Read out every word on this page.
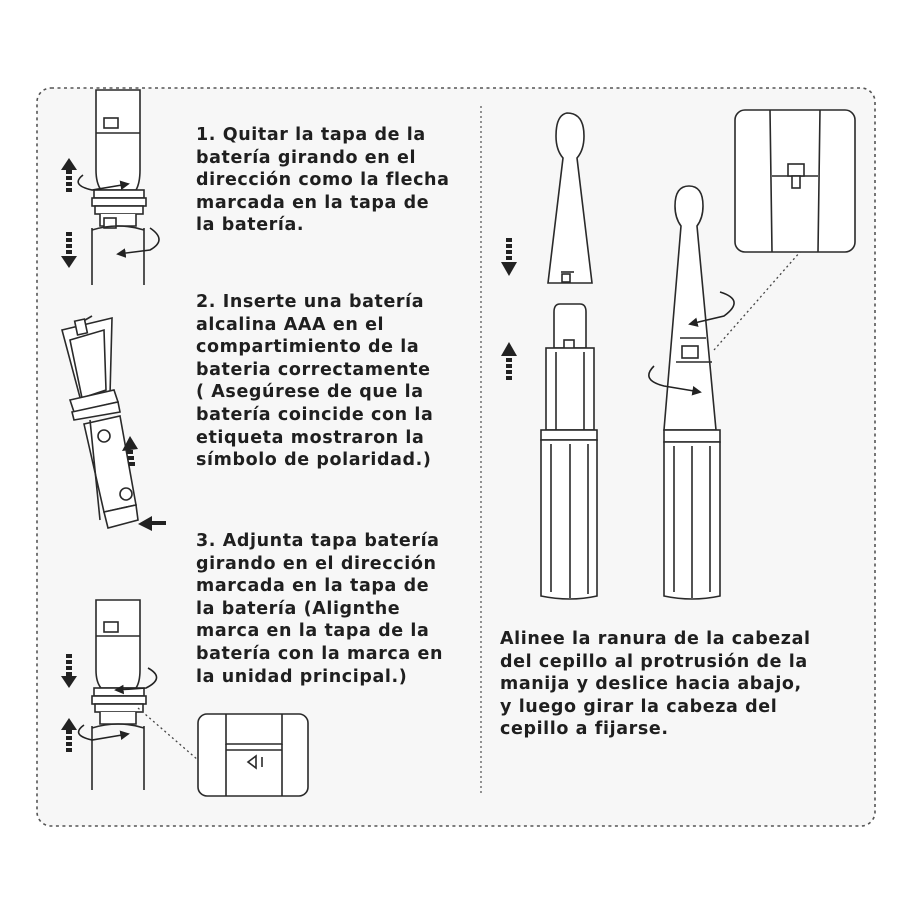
1. Quitar la tapa de la
batería girando en el
dirección como la flecha
marcada en la tapa de
la batería.
2. Inserte una batería
alcalina AAA en el
compartimiento de la
bateria correctamente
( Asegúrese de que la
batería coincide con la
etiqueta mostraron la
símbolo de polaridad.)
3. Adjunta tapa batería
girando en el dirección
marcada en la tapa de
la batería (Alignthe
marca en la tapa de la
batería con la marca en
la unidad principal.)
Alinee la ranura de la cabezal
del cepillo al protrusión de la
manija y deslice hacia abajo,
y luego girar la cabeza del
cepillo a fijarse.
